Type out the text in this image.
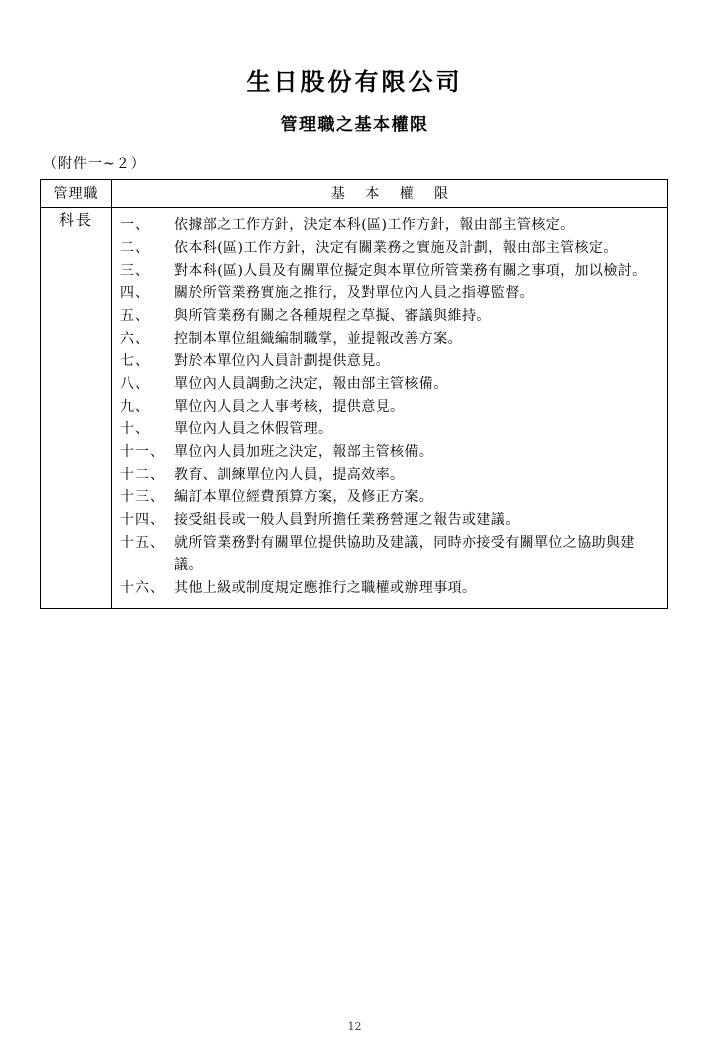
生日股份有限公司
管理職之基本權限
（附件一~２）
管理職	基 本 權 限
科長	一、	依據部之工作方針，決定本科(區)工作方針，報由部主管核定。
二、	依本科(區)工作方針，決定有關業務之實施及計劃，報由部主管核定。
三、	對本科(區)人員及有關單位擬定與本單位所管業務有關之事項，加以檢討。
四、	關於所管業務實施之推行，及對單位內人員之指導監督。
五、	與所管業務有關之各種規程之草擬、審議與維持。
六、	控制本單位組織編制職掌，並提報改善方案。
七、	對於本單位內人員計劃提供意見。
八、	單位內人員調動之決定，報由部主管核備。
九、	單位內人員之人事考核，提供意見。
十、	單位內人員之休假管理。
十一、 單位內人員加班之決定，報部主管核備。
十二、 教育、訓練單位內人員，提高效率。
十三、 編訂本單位經費預算方案，及修正方案。
十四、 接受組長或一般人員對所擔任業務營運之報告或建議。
十五、 就所管業務對有關單位提供協助及建議，同時亦接受有關單位之協助與建議。
十六、 其他上級或制度規定應推行之職權或辦理事項。
12
